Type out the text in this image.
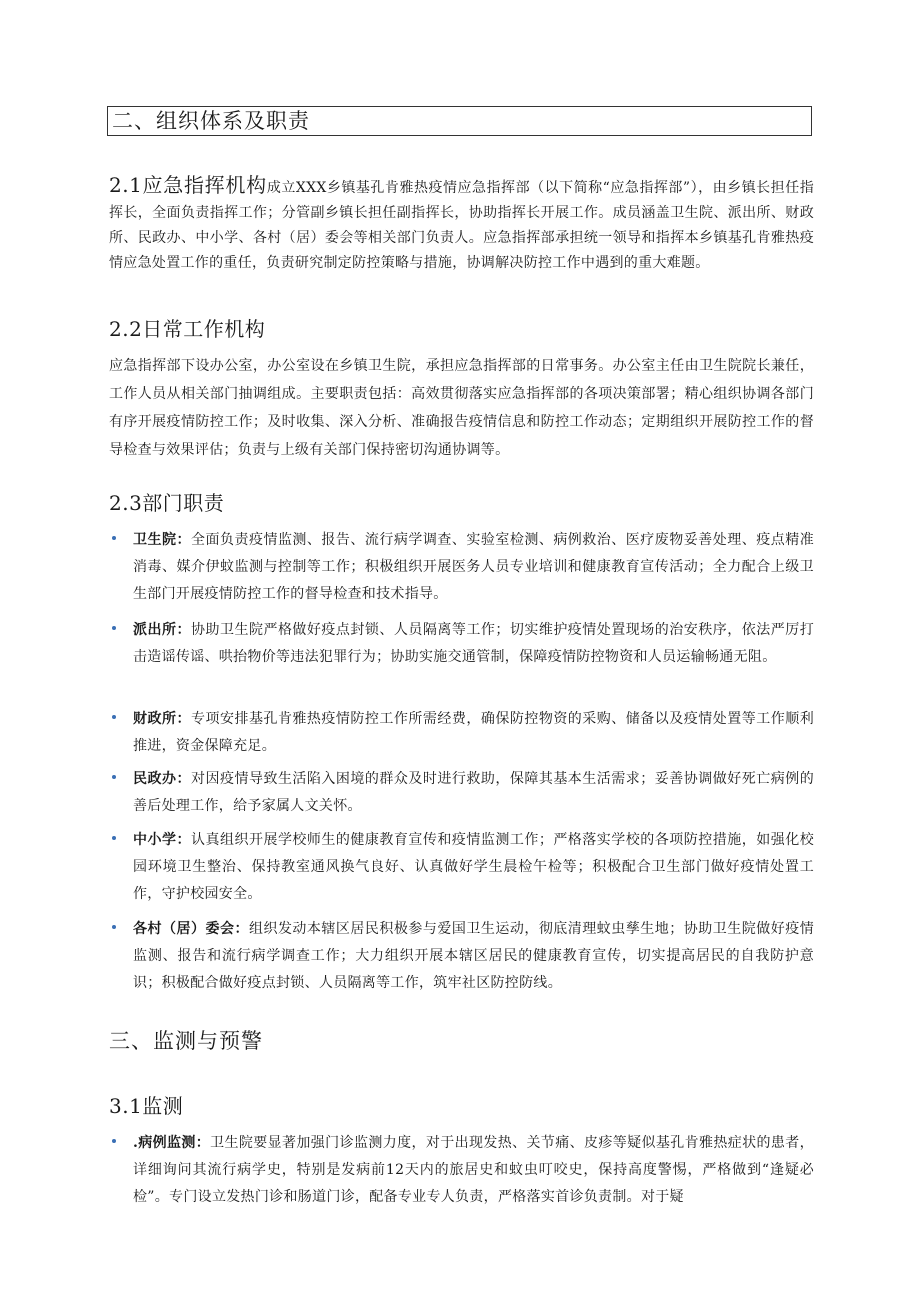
二、组织体系及职责
2.1应急指挥机构成立XXX乡镇基孔肯雅热疫情应急指挥部（以下简称“应急指挥部”），由乡镇长担任指挥长，全面负责指挥工作；分管副乡镇长担任副指挥长，协助指挥长开展工作。成员涵盖卫生院、派出所、财政所、民政办、中小学、各村（居）委会等相关部门负责人。应急指挥部承担统一领导和指挥本乡镇基孔肯雅热疫情应急处置工作的重任，负责研究制定防控策略与措施，协调解决防控工作中遇到的重大难题。
2.2日常工作机构
应急指挥部下设办公室，办公室设在乡镇卫生院，承担应急指挥部的日常事务。办公室主任由卫生院院长兼任，工作人员从相关部门抽调组成。主要职责包括：高效贯彻落实应急指挥部的各项决策部署；精心组织协调各部门有序开展疫情防控工作；及时收集、深入分析、准确报告疫情信息和防控工作动态；定期组织开展防控工作的督导检查与效果评估；负责与上级有关部门保持密切沟通协调等。
2.3部门职责
卫生院：全面负责疫情监测、报告、流行病学调查、实验室检测、病例救治、医疗废物妥善处理、疫点精准消毒、媒介伊蚊监测与控制等工作；积极组织开展医务人员专业培训和健康教育宣传活动；全力配合上级卫生部门开展疫情防控工作的督导检查和技术指导。
派出所：协助卫生院严格做好疫点封锁、人员隔离等工作；切实维护疫情处置现场的治安秩序，依法严厉打击造谣传谣、哄抬物价等违法犯罪行为；协助实施交通管制，保障疫情防控物资和人员运输畅通无阻。
财政所：专项安排基孔肯雅热疫情防控工作所需经费，确保防控物资的采购、储备以及疫情处置等工作顺利推进，资金保障充足。
民政办：对因疫情导致生活陷入困境的群众及时进行救助，保障其基本生活需求；妥善协调做好死亡病例的善后处理工作，给予家属人文关怀。
中小学：认真组织开展学校师生的健康教育宣传和疫情监测工作；严格落实学校的各项防控措施，如强化校园环境卫生整治、保持教室通风换气良好、认真做好学生晨检午检等；积极配合卫生部门做好疫情处置工作，守护校园安全。
各村（居）委会：组织发动本辖区居民积极参与爱国卫生运动，彻底清理蚊虫孳生地；协助卫生院做好疫情监测、报告和流行病学调查工作；大力组织开展本辖区居民的健康教育宣传，切实提高居民的自我防护意识；积极配合做好疫点封锁、人员隔离等工作，筑牢社区防控防线。
三、监测与预警
3.1监测
.病例监测：卫生院要显著加强门诊监测力度，对于出现发热、关节痛、皮疹等疑似基孔肯雅热症状的患者，详细询问其流行病学史，特别是发病前12天内的旅居史和蚊虫叮咬史，保持高度警惕，严格做到“逢疑必检”。专门设立发热门诊和肠道门诊，配备专业专人负责，严格落实首诊负责制。对于疑
